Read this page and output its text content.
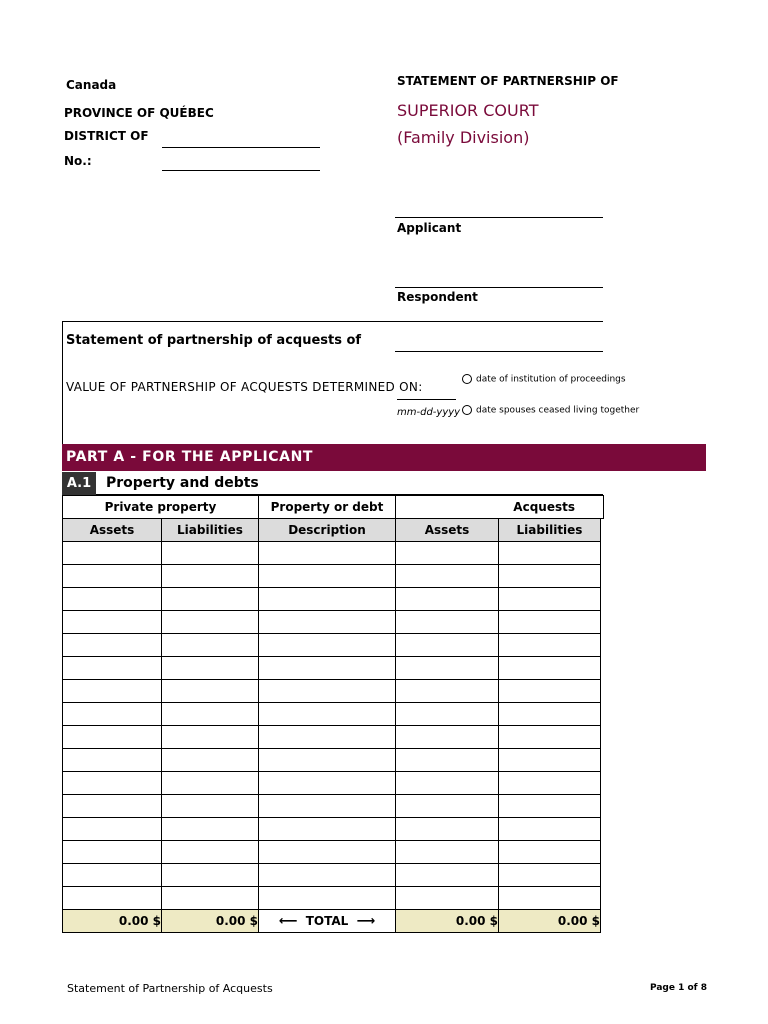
Canada
PROVINCE OF QUÉBEC
DISTRICT OF
No.:
STATEMENT OF PARTNERSHIP OF
SUPERIOR COURT
(Family Division)
Applicant
Respondent
Statement of partnership of acquests of
VALUE OF PARTNERSHIP OF ACQUESTS DETERMINED ON:
mm-dd-yyyy
date of institution of proceedings
date spouses ceased living together
PART A - FOR THE APPLICANT
A.1	Property and debts
Private property		Property or debt	Acquests		
Assets	Liabilities	Description	Assets	Liabilities	

0.00 $	0.00 $	⟵ TOTAL ⟶	0.00 $	0.00 $	
Statement of Partnership of Acquests	Page 1 of 8
